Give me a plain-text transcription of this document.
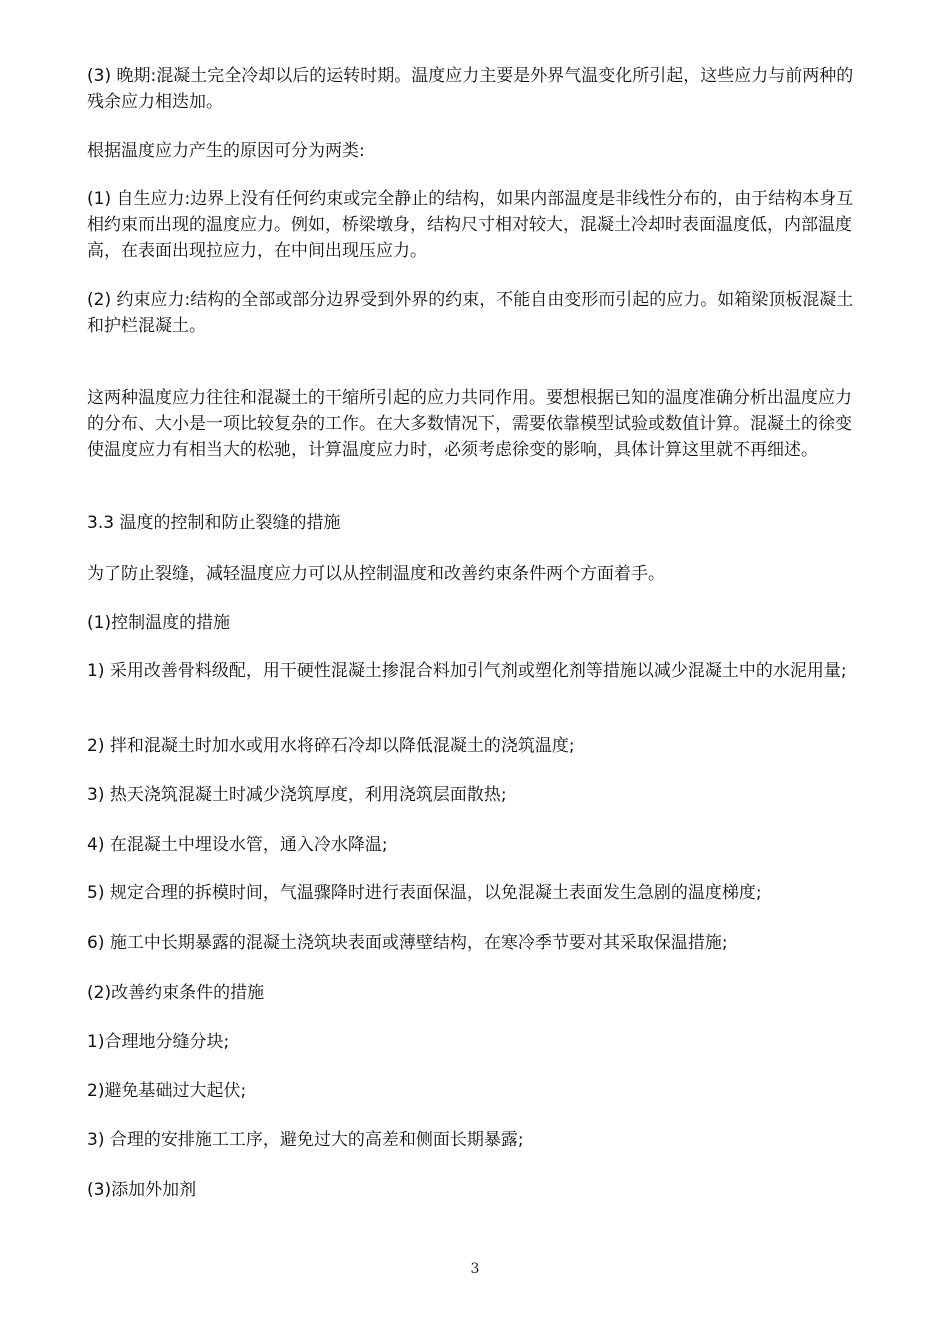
(3) 晚期:混凝土完全冷却以后的运转时期。温度应力主要是外界气温变化所引起，这些应力与前两种的残余应力相迭加。

根据温度应力产生的原因可分为两类:

(1) 自生应力:边界上没有任何约束或完全静止的结构，如果内部温度是非线性分布的，由于结构本身互相约束而出现的温度应力。例如，桥梁墩身，结构尺寸相对较大，混凝土冷却时表面温度低，内部温度高，在表面出现拉应力，在中间出现压应力。

(2) 约束应力:结构的全部或部分边界受到外界的约束，不能自由变形而引起的应力。如箱梁顶板混凝土和护栏混凝土。

这两种温度应力往往和混凝土的干缩所引起的应力共同作用。要想根据已知的温度准确分析出温度应力的分布、大小是一项比较复杂的工作。在大多数情况下，需要依靠模型试验或数值计算。混凝土的徐变使温度应力有相当大的松驰，计算温度应力时，必须考虑徐变的影响，具体计算这里就不再细述。

3.3 温度的控制和防止裂缝的措施

为了防止裂缝，减轻温度应力可以从控制温度和改善约束条件两个方面着手。

(1)控制温度的措施

1) 采用改善骨料级配，用干硬性混凝土掺混合料加引气剂或塑化剂等措施以减少混凝土中的水泥用量;

2) 拌和混凝土时加水或用水将碎石冷却以降低混凝土的浇筑温度;

3) 热天浇筑混凝土时减少浇筑厚度，利用浇筑层面散热;

4) 在混凝土中埋设水管，通入冷水降温;

5) 规定合理的拆模时间，气温骤降时进行表面保温，以免混凝土表面发生急剧的温度梯度;

6) 施工中长期暴露的混凝土浇筑块表面或薄壁结构，在寒冷季节要对其采取保温措施;

(2)改善约束条件的措施

1)合理地分缝分块;

2)避免基础过大起伏;

3) 合理的安排施工工序，避免过大的高差和侧面长期暴露;

(3)添加外加剂

3
